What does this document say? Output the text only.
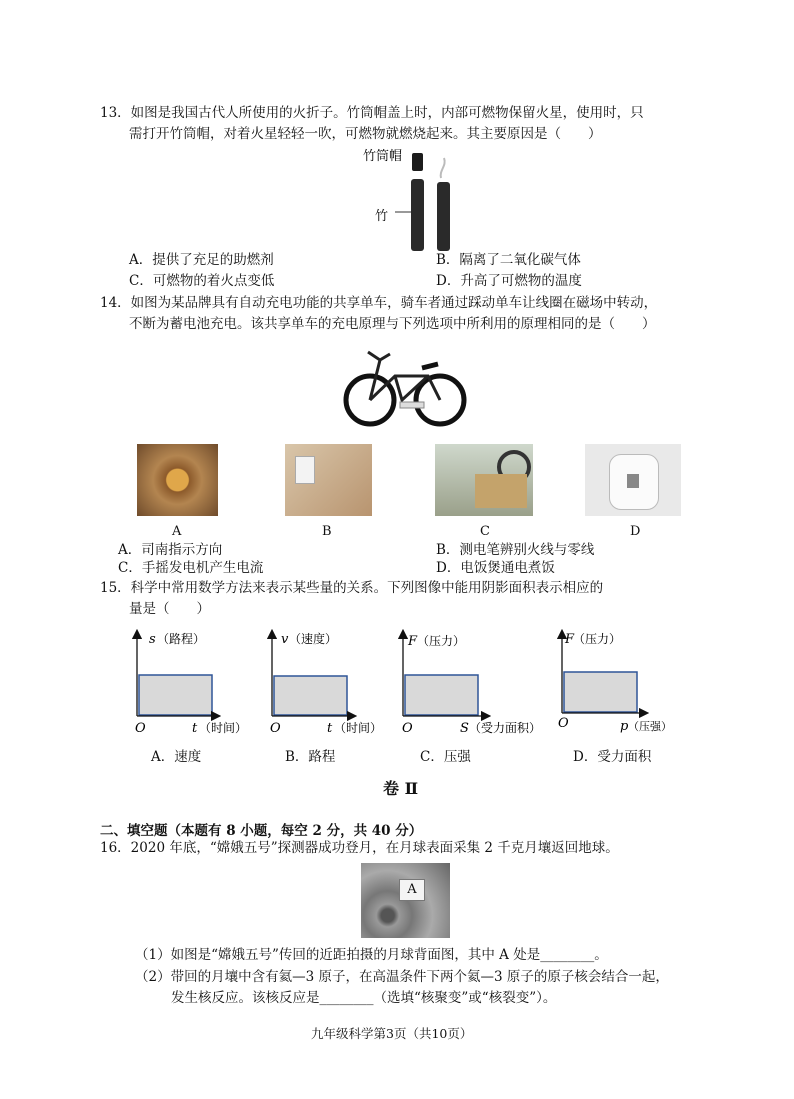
13．如图是我国古代人所使用的火折子。竹筒帽盖上时，内部可燃物保留火星，使用时，只
需打开竹筒帽，对着火星轻轻一吹，可燃物就燃烧起来。其主要原因是（　　）
竹筒帽
竹
A．提供了充足的助燃剂	B．隔离了二氧化碳气体
C．可燃物的着火点变低	D．升高了可燃物的温度
14．如图为某品牌具有自动充电功能的共享单车，骑车者通过踩动单车让线圈在磁场中转动，
不断为蓄电池充电。该共享单车的充电原理与下列选项中所利用的原理相同的是（　　）
A	B	C	D
A．司南指示方向	B．测电笔辨别火线与零线
C．手摇发电机产生电流	D．电饭煲通电煮饭
15．科学中常用数学方法来表示某些量的关系。下列图像中能用阴影面积表示相应的
量是（　　）
s （路程）
O	t （时间）
v （速度）
O	t （时间）
F （压力）
O	S （受力面积）
F
（压力）
O	p （压强）
A．速度	B．路程	C．压强	D．受力面积
卷 Ⅱ
二、填空题（本题有 8 小题，每空 2 分，共 40 分）
16．2020 年底，“嫦娥五号”探测器成功登月，在月球表面采集 2 千克月壤返回地球。
A
（1）如图是“嫦娥五号”传回的近距拍摄的月球背面图，其中 A 处是________。
（2）带回的月壤中含有氦—3 原子，在高温条件下两个氦—3 原子的原子核会结合一起，
发生核反应。该核反应是________（选填“核聚变”或“核裂变”）。
九年级科学第3页（共10页）
